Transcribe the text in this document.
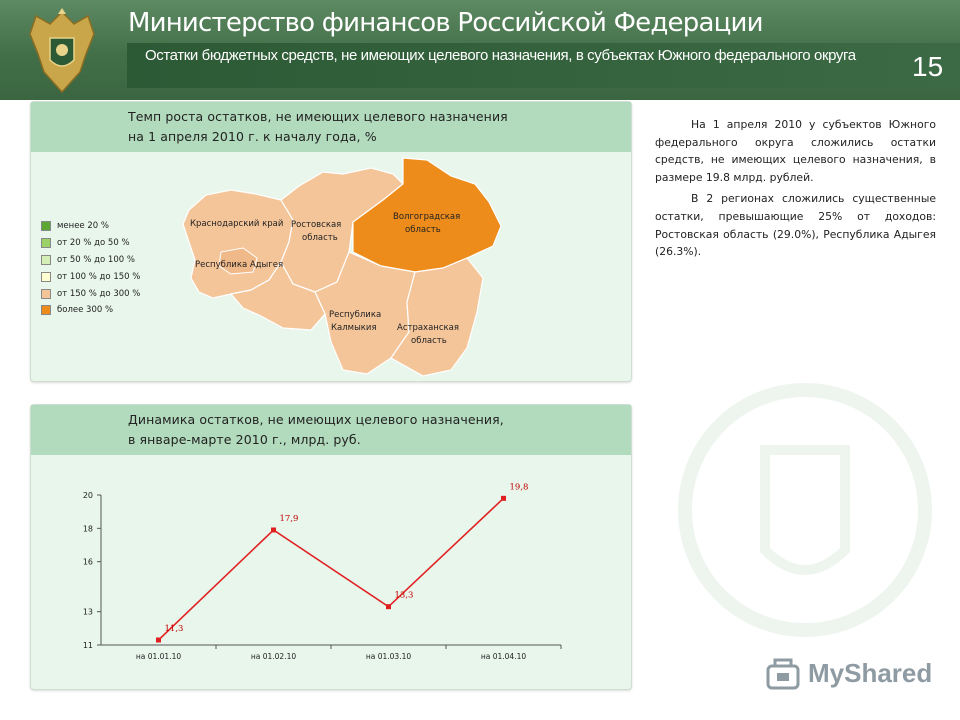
Министерство финансов Российской Федерации
Остатки бюджетных средств, не имеющих целевого назначения, в субъектах Южного федерального округа	15
Темп роста остатков, не имеющих целевого назначения
на 1 апреля 2010 г. к началу года, %
Краснодарский край
Республика Адыгея
Ростовская
область
Волгоградская
область
Республика
Калмыкия Астраханская
область
менее 20 %
от 20 % до 50 %
от 50 % до 100 %
от 100 % до 150 %
от 150 % до 300 %
более 300 %
Динамика остатков, не имеющих целевого назначения,
в январе-марте 2010 г., млрд. руб.
11
13
16
18
20
на 01.01.10	на 01.02.10	на 01.03.10	на 01.04.10
11,3
17,9
13,3
19,8

На 1 апреля 2010 у субъектов Южного федерального округа сложились остатки средств, не имеющих целевого назначения, в размере 19.8 млрд. рублей.

В 2 регионах сложились существенные остатки, превышающие 25% от доходов: Ростовская область (29.0%), Республика Адыгея (26.3%).

MyShared
